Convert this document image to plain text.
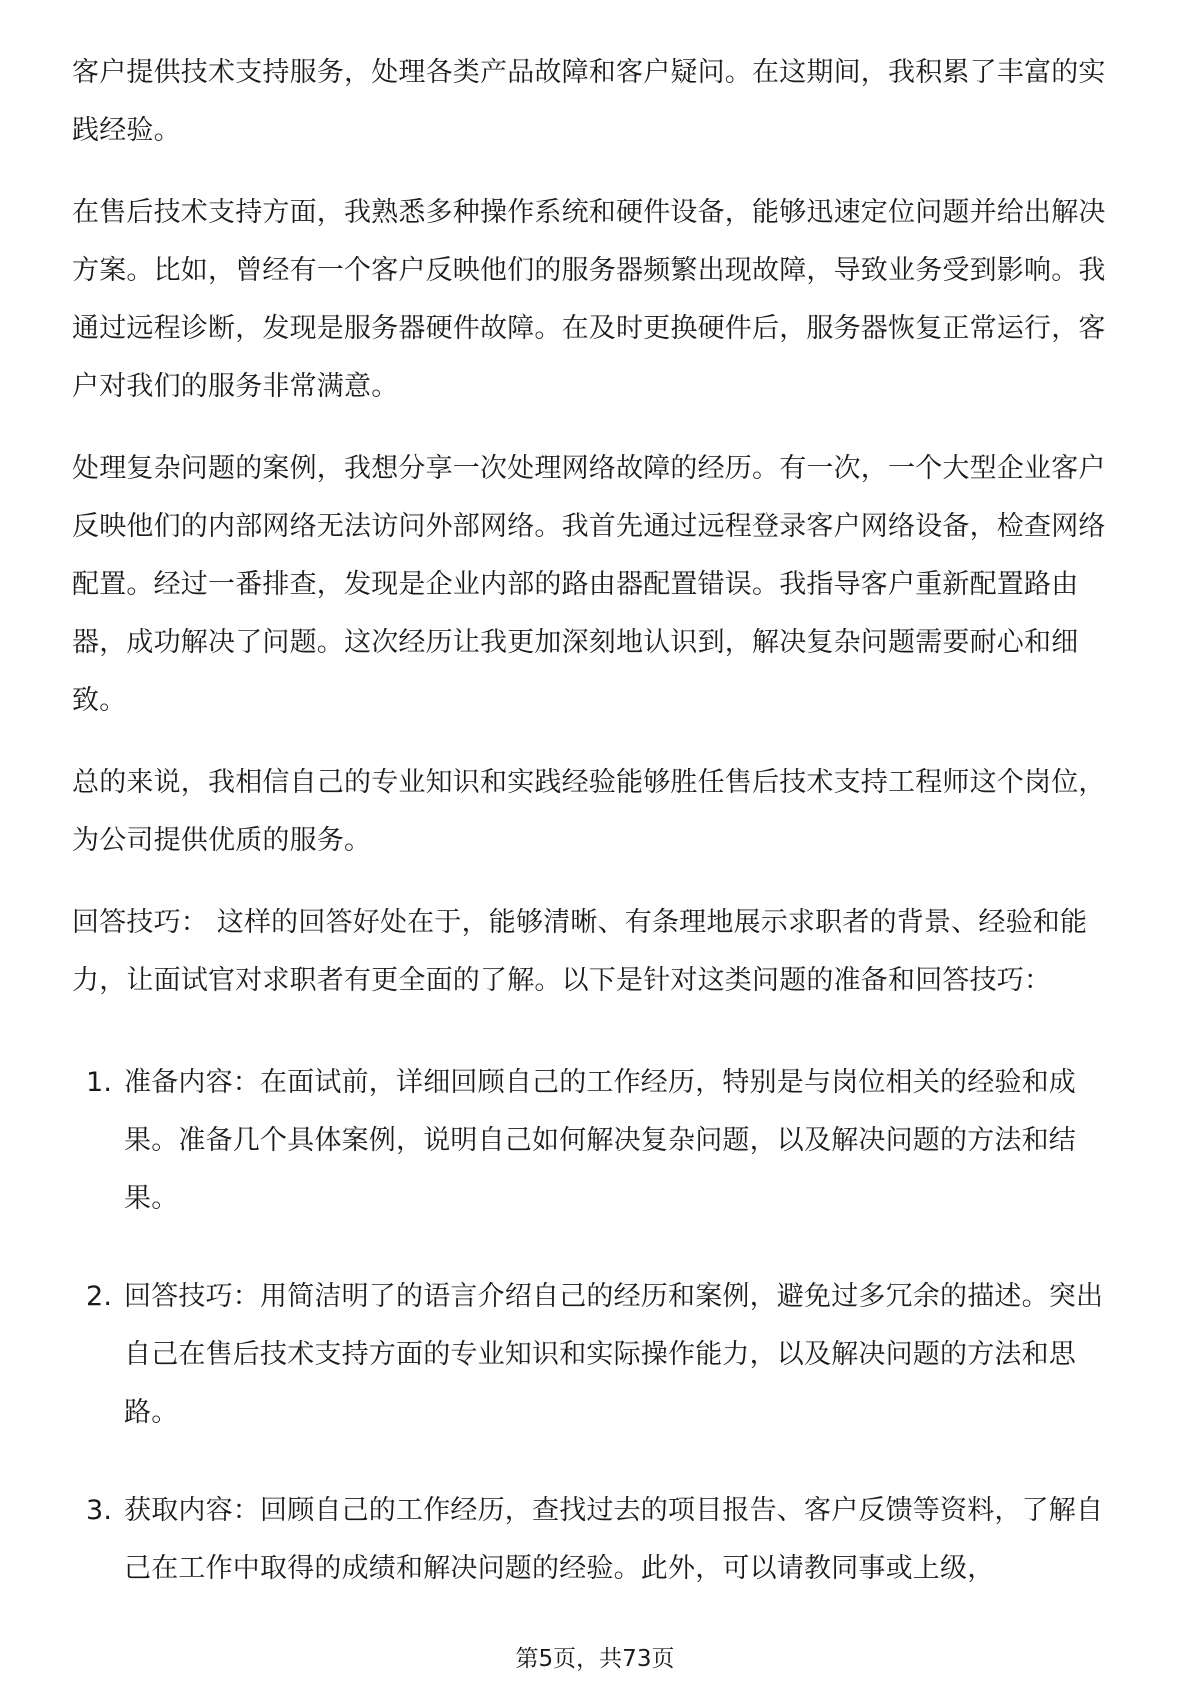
客户提供技术支持服务，处理各类产品故障和客户疑问。在这期间，我积累了丰富的实践经验。

在售后技术支持方面，我熟悉多种操作系统和硬件设备，能够迅速定位问题并给出解决方案。比如，曾经有一个客户反映他们的服务器频繁出现故障，导致业务受到影响。我通过远程诊断，发现是服务器硬件故障。在及时更换硬件后，服务器恢复正常运行，客户对我们的服务非常满意。

处理复杂问题的案例，我想分享一次处理网络故障的经历。有一次，一个大型企业客户反映他们的内部网络无法访问外部网络。我首先通过远程登录客户网络设备，检查网络配置。经过一番排查，发现是企业内部的路由器配置错误。我指导客户重新配置路由器，成功解决了问题。这次经历让我更加深刻地认识到，解决复杂问题需要耐心和细致。

总的来说，我相信自己的专业知识和实践经验能够胜任售后技术支持工程师这个岗位，为公司提供优质的服务。

回答技巧： 这样的回答好处在于，能够清晰、有条理地展示求职者的背景、经验和能力，让面试官对求职者有更全面的了解。以下是针对这类问题的准备和回答技巧：

1. 准备内容：在面试前，详细回顾自己的工作经历，特别是与岗位相关的经验和成果。准备几个具体案例，说明自己如何解决复杂问题，以及解决问题的方法和结果。
2. 回答技巧：用简洁明了的语言介绍自己的经历和案例，避免过多冗余的描述。突出自己在售后技术支持方面的专业知识和实际操作能力，以及解决问题的方法和思路。
3. 获取内容：回顾自己的工作经历，查找过去的项目报告、客户反馈等资料，了解自己在工作中取得的成绩和解决问题的经验。此外，可以请教同事或上级，
第5页，共73页
